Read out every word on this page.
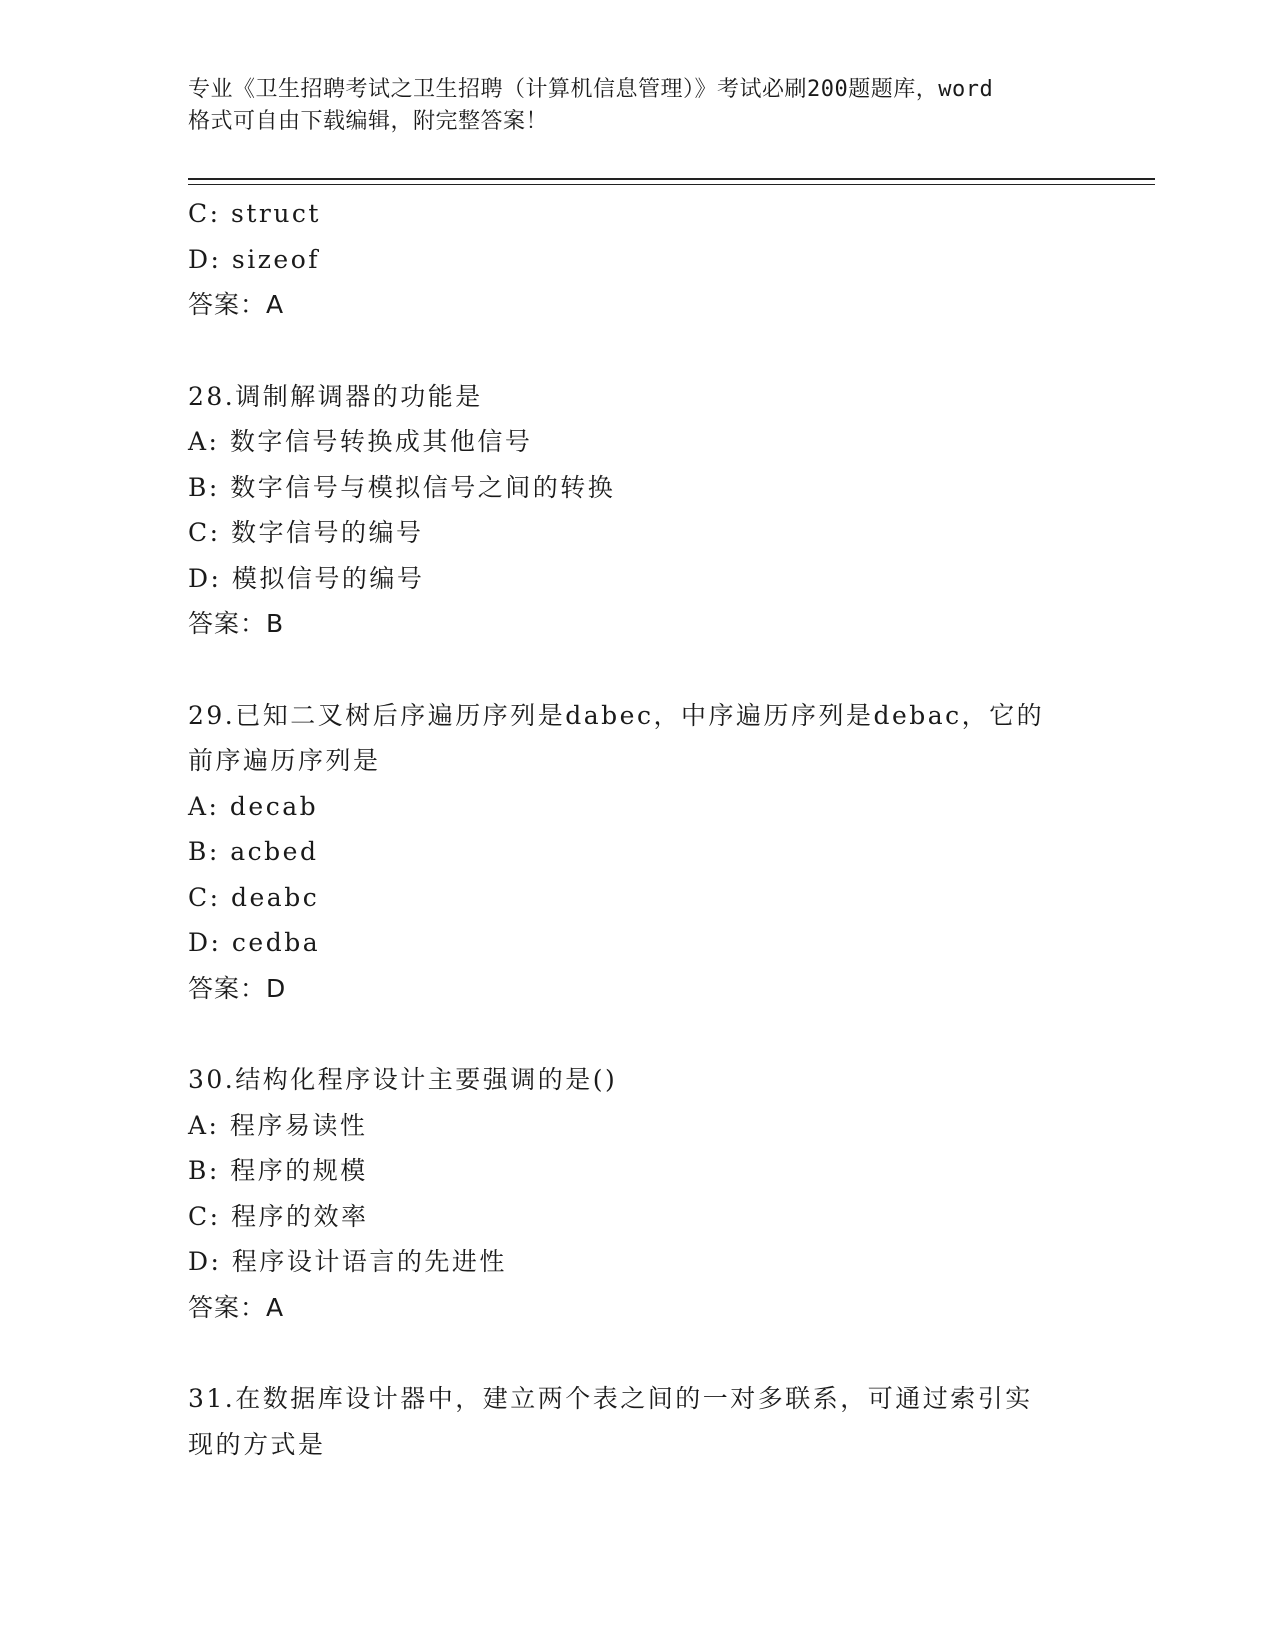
专业《卫生招聘考试之卫生招聘（计算机信息管理）》考试必刷200题题库，word
格式可自由下载编辑，附完整答案！
C: struct
D: sizeof
答案：A
28.调制解调器的功能是
A: 数字信号转换成其他信号
B: 数字信号与模拟信号之间的转换
C: 数字信号的编号
D: 模拟信号的编号
答案：B
29.已知二叉树后序遍历序列是dabec，中序遍历序列是debac，它的
前序遍历序列是
A: decab
B: acbed
C: deabc
D: cedba
答案：D
30.结构化程序设计主要强调的是()
A: 程序易读性
B: 程序的规模
C: 程序的效率
D: 程序设计语言的先进性
答案：A
31.在数据库设计器中，建立两个表之间的一对多联系，可通过索引实
现的方式是
